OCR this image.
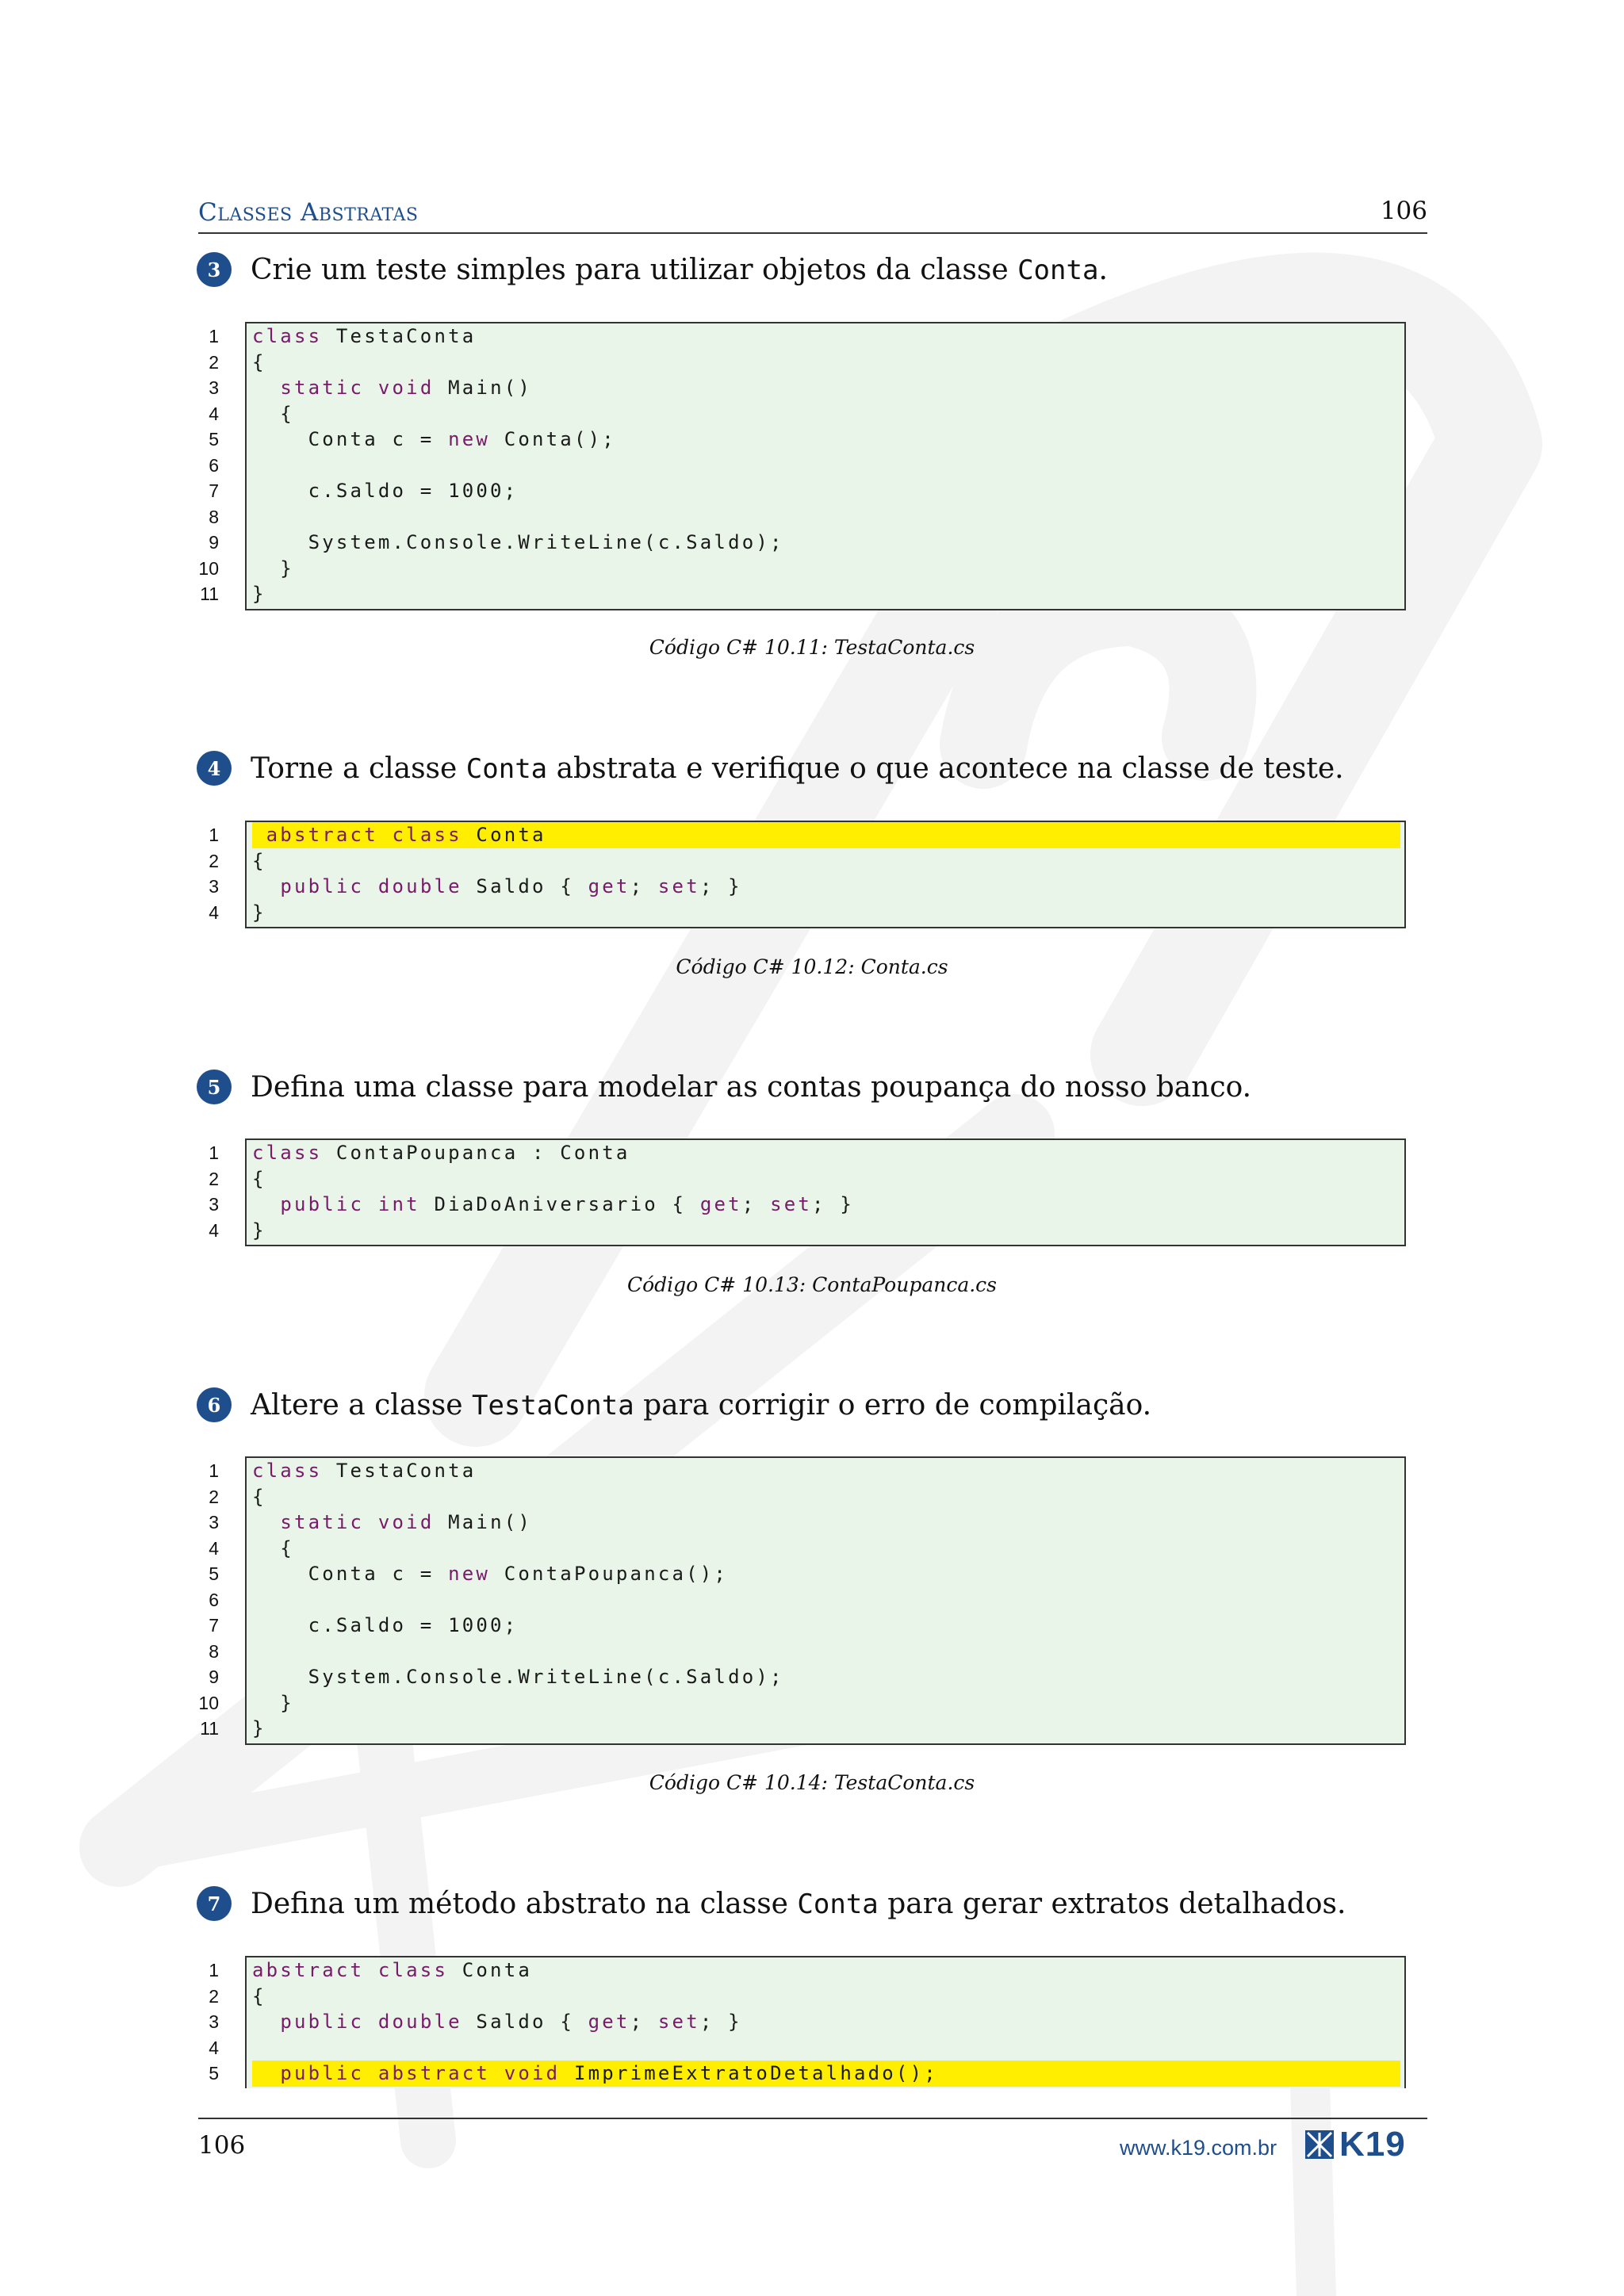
Classes Abstratas	106
3	Crie um teste simples para utilizar objetos da classe Conta.
1
2
3
4
5
6
7
8
9
10
11
class TestaConta
{
static void Main()
{
Conta c = new Conta();
c.Saldo = 1000;
System.Console.WriteLine(c.Saldo);
}
}
Código C# 10.11: TestaConta.cs
4	Torne a classe Conta abstrata e verifique o que acontece na classe de teste.
1
2
3
4
abstract class Conta
{
public double Saldo { get; set; }
}
Código C# 10.12: Conta.cs
5	Defina uma classe para modelar as contas poupança do nosso banco.
1
2
3
4
class ContaPoupanca : Conta
{
public int DiaDoAniversario { get; set; }
}
Código C# 10.13: ContaPoupanca.cs
6	Altere a classe TestaConta para corrigir o erro de compilação.
1
2
3
4
5
6
7
8
9
10
11
class TestaConta
{
static void Main()
{
Conta c = new ContaPoupanca();
c.Saldo = 1000;
System.Console.WriteLine(c.Saldo);
}
}
Código C# 10.14: TestaConta.cs
7	Defina um método abstrato na classe Conta para gerar extratos detalhados.
1
2
3
4
5
abstract class Conta
{
public double Saldo { get; set; }
public abstract void ImprimeExtratoDetalhado();
106	www.k19.com.br K19
